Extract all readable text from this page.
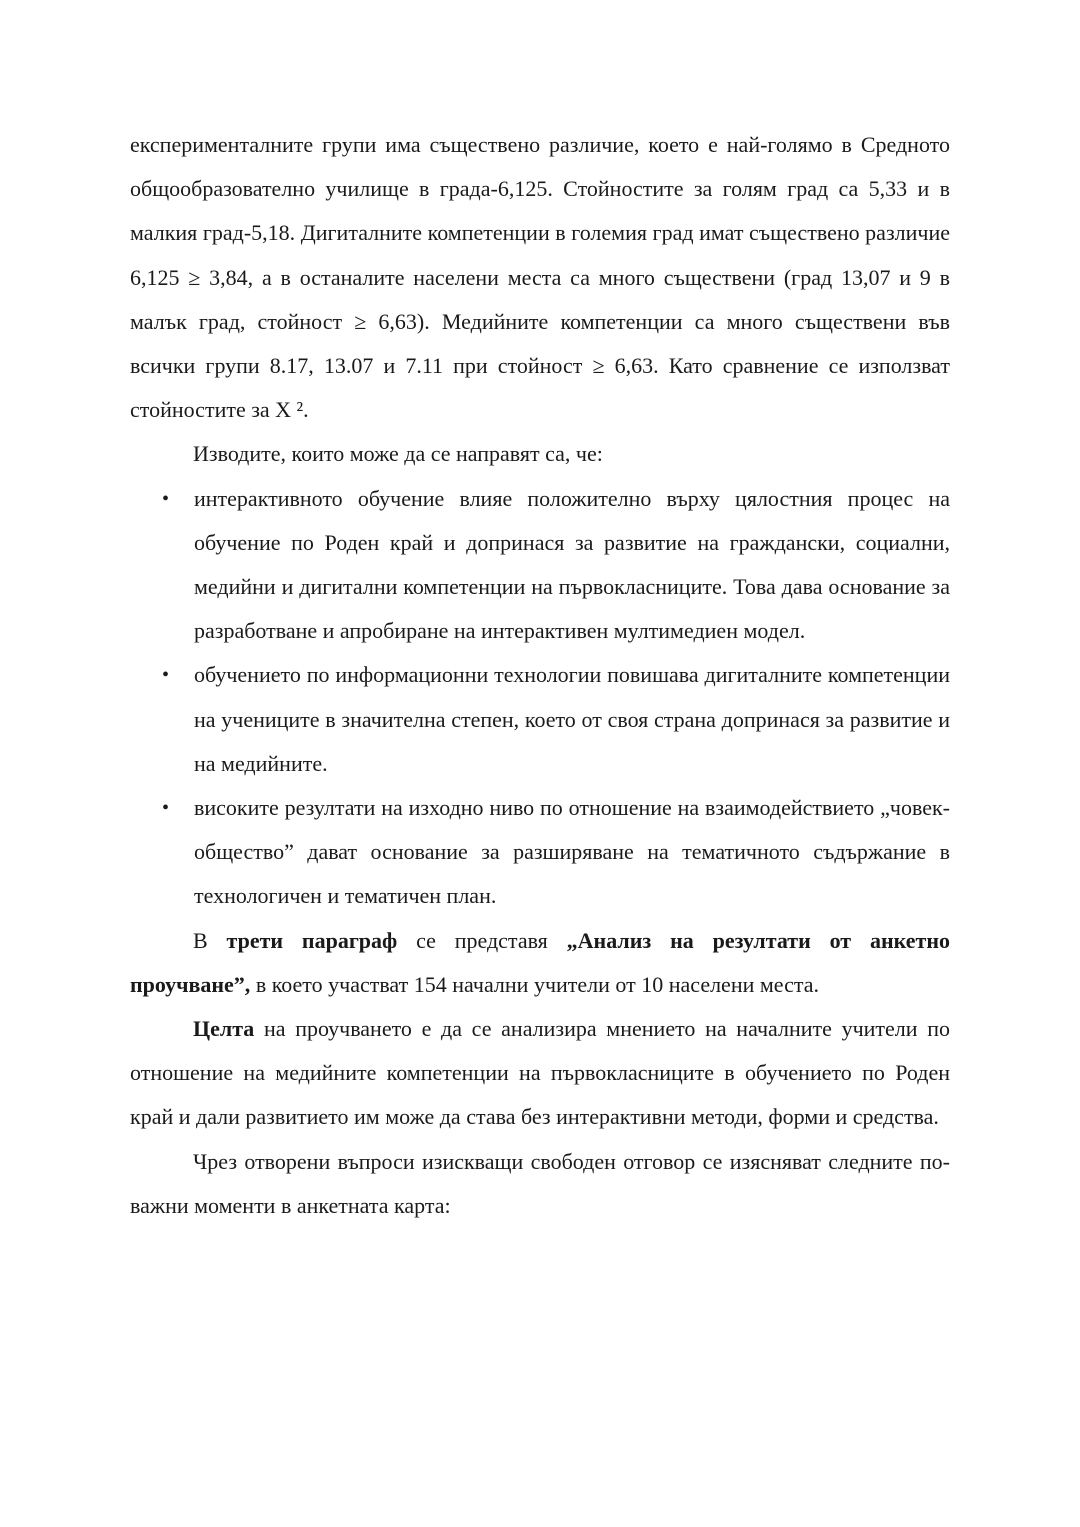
експерименталните групи има съществено различие, което е най-голямо в Средното общообразователно училище в града-6,125. Стойностите за голям град са 5,33 и в малкия град-5,18. Дигиталните компетенции в големия град имат съществено различие 6,125 ≥ 3,84, а в останалите населени места са много съществени (град 13,07 и 9 в малък град, стойност ≥ 6,63). Медийните компетенции са много съществени във всички групи 8.17, 13.07 и 7.11 при стойност ≥ 6,63. Като сравнение се използват стойностите за Х ².

Изводите, които може да се направят са, че:

• интерактивното обучение влияе положително върху цялостния процес на обучение по Роден край и допринася за развитие на граждански, социални, медийни и дигитални компетенции на първокласниците. Това дава основание за разработване и апробиране на интерактивен мултимедиен модел.
• обучението по информационни технологии повишава дигиталните компетенции на учениците в значителна степен, което от своя страна допринася за развитие и на медийните.
• високите резултати на изходно ниво по отношение на взаимодействието „човек-общество” дават основание за разширяване на тематичното съдържание в технологичен и тематичен план.

В трети параграф се представя „Анализ на резултати от анкетно проучване”, в което участват 154 начални учители от 10 населени места.

Целта на проучването е да се анализира мнението на началните учители по отношение на медийните компетенции на първокласниците в обучението по Роден край и дали развитието им може да става без интерактивни методи, форми и средства.

Чрез отворени въпроси изискващи свободен отговор се изясняват следните по-важни моменти в анкетната карта:
